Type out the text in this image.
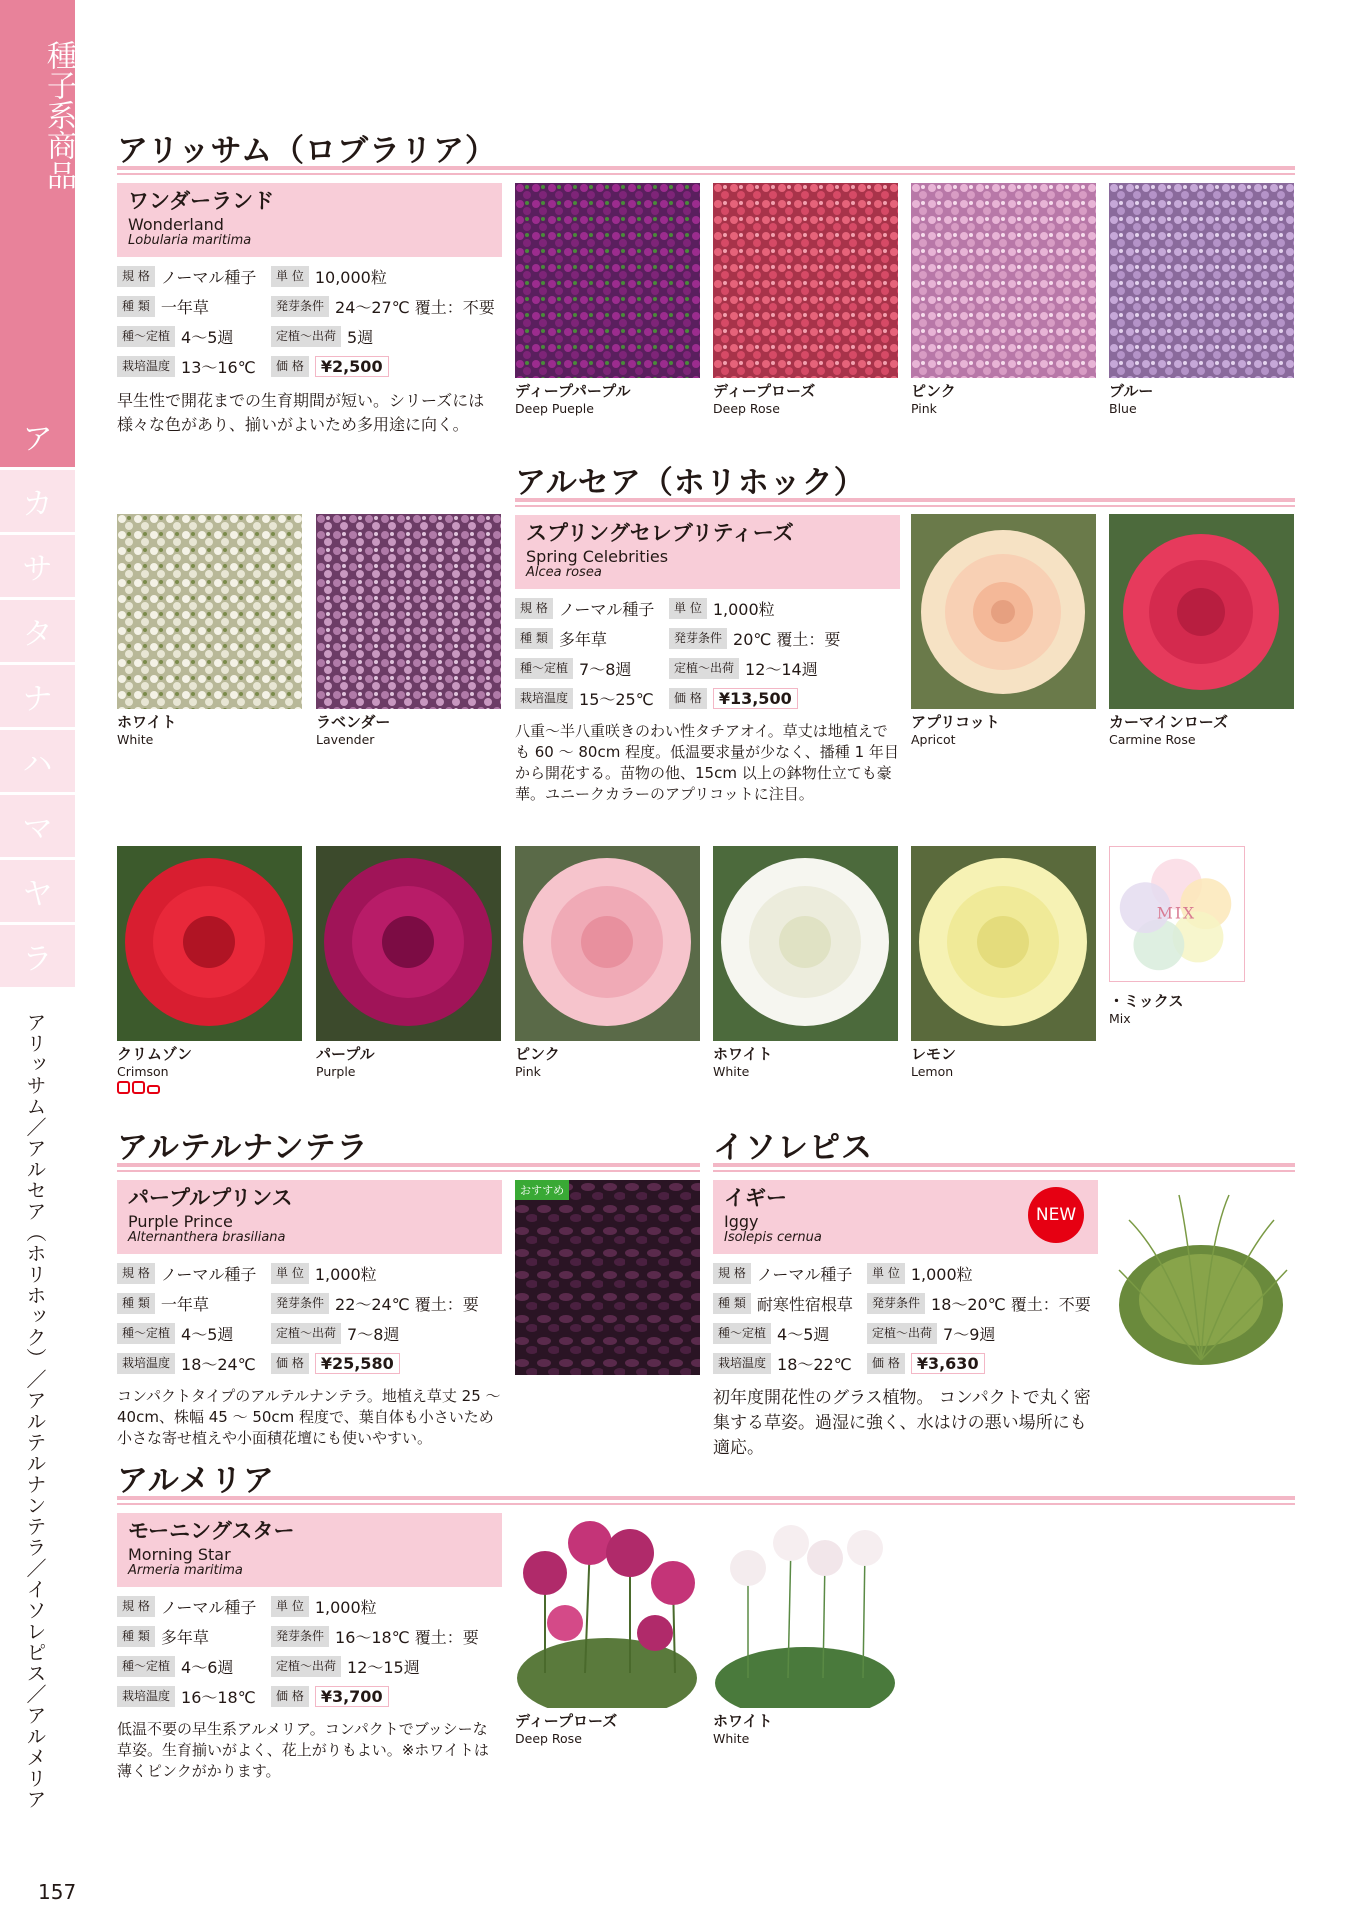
種子系商品
ア
カ
サ
タ
ナ
ハ
マ
ヤ
ラ
アリッサム／アルセア（ホリホック）／アルテルナンテラ／イソレピス／アルメリア
157
アリッサム（ロブラリア）
ワンダーランド
Wonderland
Lobularia maritima
規 格 ノーマル種子	単 位 10,000粒
種 類 一年草	発芽条件 24〜27℃ 覆土：不要
種〜定植 4〜5週	定植〜出荷 5週
栽培温度 13〜16℃	価 格	¥2,500
早生性で開花までの生育期間が短い。シリーズには様々な色があり、揃いがよいため多用途に向く。
ディープパープル
Deep Pueple
ディープローズ
Deep Rose
ピンク
Pink
ブルー
Blue
ホワイト
White
ラベンダー
Lavender
アルセア（ホリホック）
スプリングセレブリティーズ
Spring Celebrities
Alcea rosea
規 格 ノーマル種子	単 位 1,000粒
種 類 多年草	発芽条件 20℃ 覆土：要
種〜定植 7〜8週	定植〜出荷 12〜14週
栽培温度 15〜25℃	価 格	¥13,500
八重〜半八重咲きのわい性タチアオイ。草丈は地植えでも 60 〜 80cm 程度。低温要求量が少なく、播種 1 年目から開花する。苗物の他、15cm 以上の鉢物仕立ても豪華。ユニークカラーのアプリコットに注目。
アプリコット
Apricot
カーマインローズ
Carmine Rose
クリムゾン
Crimson
パープル
Purple
ピンク
Pink
ホワイト
White
レモン
Lemon
MIX
・ミックス
Mix
アルテルナンテラ
パープルプリンス
Purple Prince
Alternanthera brasiliana
規 格 ノーマル種子	単 位 1,000粒
種 類 一年草	発芽条件 22〜24℃ 覆土：要
種〜定植 4〜5週	定植〜出荷 7〜8週
栽培温度 18〜24℃	価 格	¥25,580
コンパクトタイプのアルテルナンテラ。地植え草丈 25 〜 40cm、株幅 45 〜 50cm 程度で、葉自体も小さいため小さな寄せ植えや小面積花壇にも使いやすい。
おすすめ
イソレピス
イギー
Iggy
Isolepis cernua
NEW
規 格 ノーマル種子	単 位 1,000粒
種 類 耐寒性宿根草	発芽条件 18〜20℃ 覆土：不要
種〜定植 4〜5週	定植〜出荷 7〜9週
栽培温度 18〜22℃	価 格	¥3,630
初年度開花性のグラス植物。 コンパクトで丸く密集する草姿。過湿に強く、水はけの悪い場所にも適応。
アルメリア
モーニングスター
Morning Star
Armeria maritima
規 格 ノーマル種子	単 位 1,000粒
種 類 多年草	発芽条件 16〜18℃ 覆土：要
種〜定植 4〜6週	定植〜出荷 12〜15週
栽培温度 16〜18℃	価 格	¥3,700
低温不要の早生系アルメリア。コンパクトでブッシーな草姿。生育揃いがよく、花上がりもよい。※ホワイトは薄くピンクがかります。
ディープローズ
Deep Rose
ホワイト
White
